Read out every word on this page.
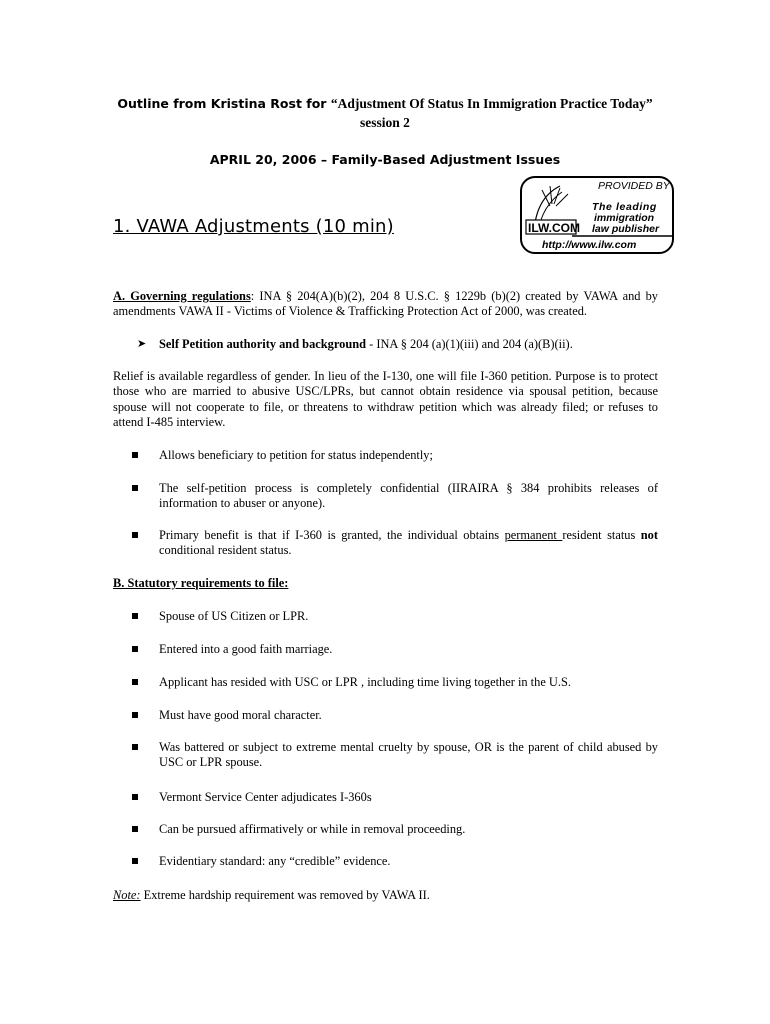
Outline from Kristina Rost for “Adjustment Of Status In Immigration Practice Today”
session 2
APRIL 20, 2006 – Family-Based Adjustment Issues
PROVIDED BY
The leading
immigration
ILW.COM law publisher
http://www.ilw.com
1. VAWA Adjustments (10 min)
A. Governing regulations: INA § 204(A)(b)(2), 204 8 U.S.C. § 1229b (b)(2) created by VAWA and by amendments VAWA II - Victims of Violence & Trafficking Protection Act of 2000, was created.
➤ Self Petition authority and background - INA § 204 (a)(1)(iii) and 204 (a)(B)(ii).
Relief is available regardless of gender. In lieu of the I-130, one will file I-360 petition. Purpose is to protect those who are married to abusive USC/LPRs, but cannot obtain residence via spousal petition, because spouse will not cooperate to file, or threatens to withdraw petition which was already filed; or refuses to attend I-485 interview.
Allows beneficiary to petition for status independently;
The self-petition process is completely confidential (IIRAIRA § 384 prohibits releases of information to abuser or anyone).
Primary benefit is that if I-360 is granted, the individual obtains permanent resident status not conditional resident status.
B. Statutory requirements to file:
Spouse of US Citizen or LPR.
Entered into a good faith marriage.
Applicant has resided with USC or LPR , including time living together in the U.S.
Must have good moral character.
Was battered or subject to extreme mental cruelty by spouse, OR is the parent of child abused by USC or LPR spouse.
Vermont Service Center adjudicates I-360s
Can be pursued affirmatively or while in removal proceeding.
Evidentiary standard: any “credible” evidence.
Note: Extreme hardship requirement was removed by VAWA II.
